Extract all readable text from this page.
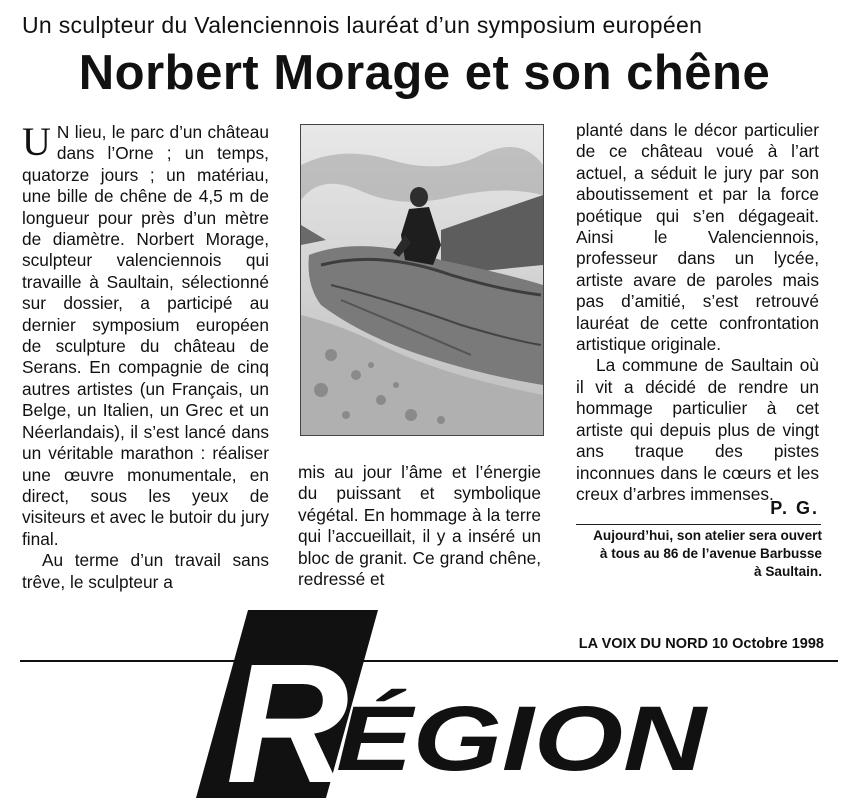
Un sculpteur du Valenciennois lauréat d’un symposium européen
Norbert Morage et son chêne

U N lieu, le parc d’un château dans l’Orne ; un temps, quatorze jours ; un matériau, une bille de chêne de 4,5 m de longueur pour près d’un mètre de diamètre. Norbert Morage, sculpteur valenciennois qui travaille à Saultain, sélectionné sur dossier, a participé au dernier symposium européen de sculpture du château de Serans. En compagnie de cinq autres artistes (un Français, un Belge, un Italien, un Grec et un Néerlandais), il s’est lancé dans un véritable marathon : réaliser une œuvre monumentale, en direct, sous les yeux de visiteurs et avec le butoir du jury final.

Au terme d’un travail sans trêve, le sculpteur a

mis au jour l’âme et l’énergie du puissant et symbolique végétal. En hommage à la terre qui l’accueillait, il y a inséré un bloc de granit. Ce grand chêne, redressé et

planté dans le décor particulier de ce château voué à l’art actuel, a séduit le jury par son aboutissement et par la force poétique qui s’en dégageait. Ainsi le Valenciennois, professeur dans un lycée, artiste avare de paroles mais pas d’amitié, s’est retrouvé lauréat de cette confrontation artistique originale.

La commune de Saultain où il vit a décidé de rendre un hommage particulier à cet artiste qui depuis plus de vingt ans traque des pistes inconnues dans le cœurs et les creux d’arbres immenses.

P. G.
Aujourd’hui, son atelier sera ouvert à tous au 86 de l’avenue Barbusse à Saultain.
LA VOIX DU NORD 10 Octobre 1998
R
ÉGION
